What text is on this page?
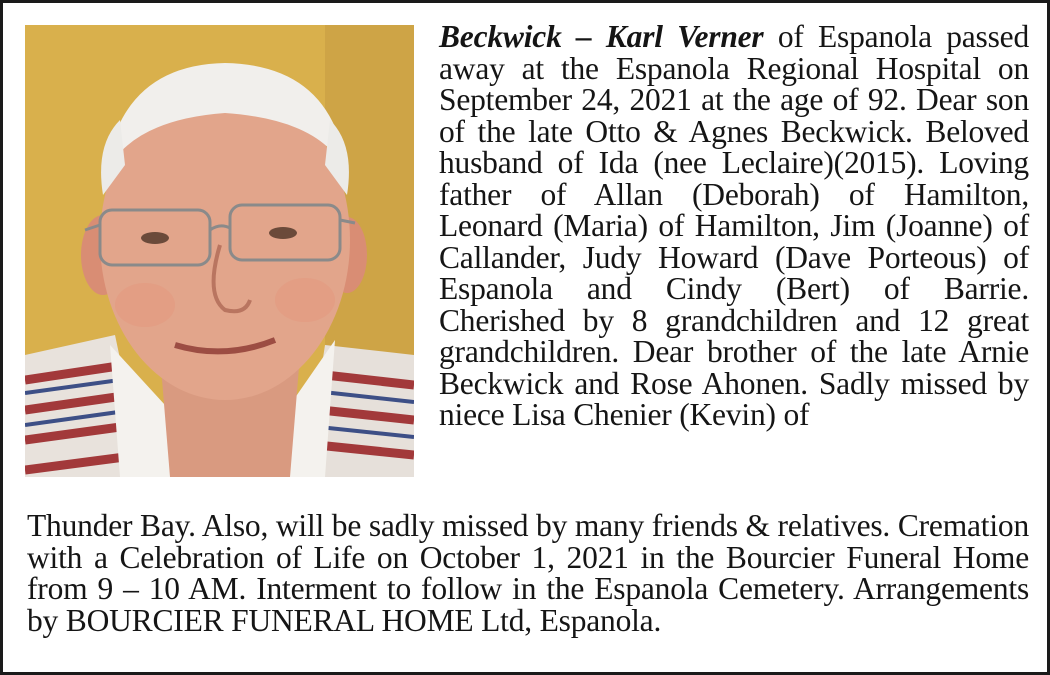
Beckwick – Karl Verner of Espanola passed away at the Espanola Regional Hospital on September 24, 2021 at the age of 92. Dear son of the late Otto & Agnes Beckwick. Beloved husband of Ida (nee Leclaire)(2015). Loving father of Allan (Deborah) of Hamilton, Leonard (Maria) of Hamilton, Jim (Joanne) of Callander, Judy Howard (Dave Porteous) of Espanola and Cindy (Bert) of Barrie. Cherished by 8 grandchildren and 12 great grandchildren. Dear brother of the late Arnie Beckwick and Rose Ahonen. Sadly missed by niece Lisa Chenier (Kevin) of

Thunder Bay. Also, will be sadly missed by many friends & relatives. Cremation with a Celebration of Life on October 1, 2021 in the Bourcier Funeral Home from 9 – 10 AM. Interment to follow in the Espanola Cemetery. Arrangements by BOURCIER FUNERAL HOME Ltd, Espanola.
